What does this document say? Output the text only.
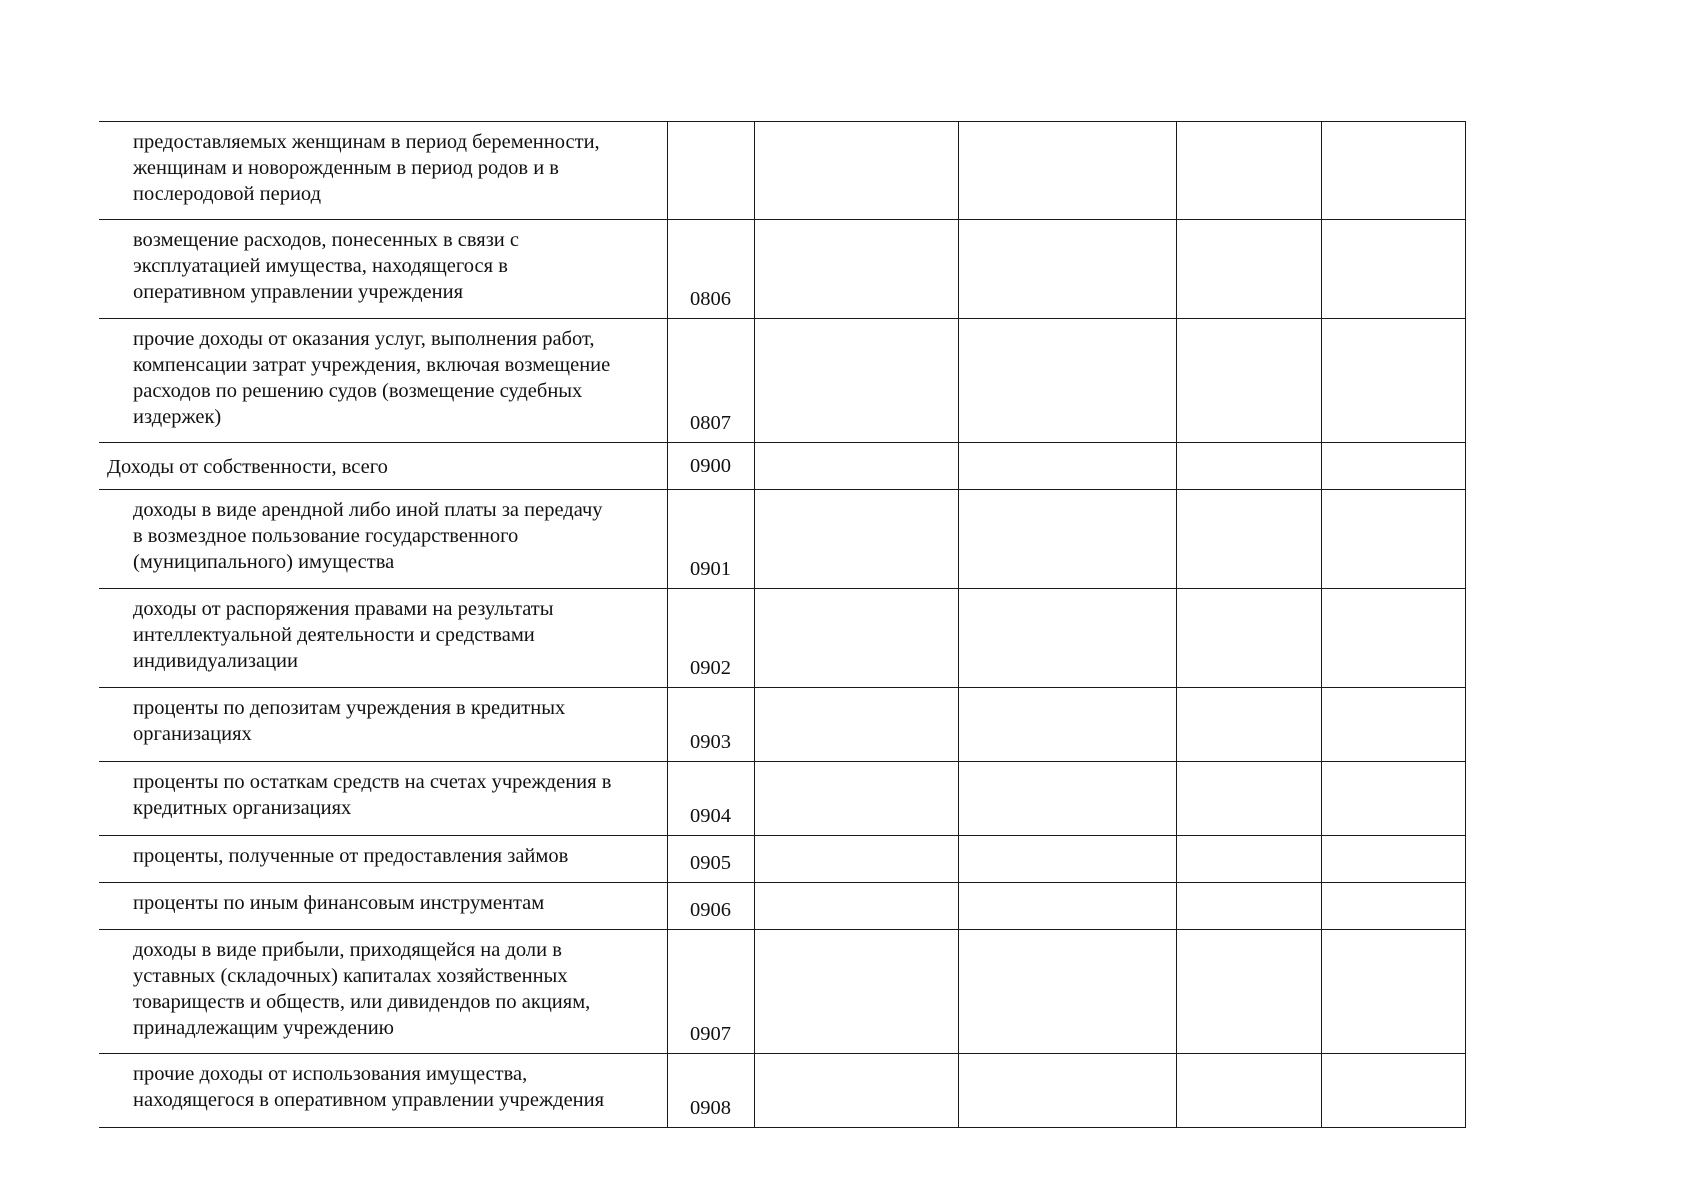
предоставляемых женщинам в период беременности,
женщинам и новорожденным в период родов и в
послеродовой период					

возмещение расходов, понесенных в связи с
эксплуатацией имущества, находящегося в
оперативном управлении учреждения	0806				

прочие доходы от оказания услуг, выполнения работ,
компенсации затрат учреждения, включая возмещение
расходов по решению судов (возмещение судебных
издержек)	0807				

Доходы от собственности, всего	0900				

доходы в виде арендной либо иной платы за передачу
в возмездное пользование государственного
(муниципального) имущества	0901				

доходы от распоряжения правами на результаты
интеллектуальной деятельности и средствами
индивидуализации	0902				

проценты по депозитам учреждения в кредитных
организациях	0903				

проценты по остаткам средств на счетах учреждения в
кредитных организациях	0904				

проценты, полученные от предоставления займов	0905				

проценты по иным финансовым инструментам	0906				

доходы в виде прибыли, приходящейся на доли в
уставных (складочных) капиталах хозяйственных
товариществ и обществ, или дивидендов по акциям,
принадлежащим учреждению	0907				

прочие доходы от использования имущества,
находящегося в оперативном управлении учреждения	0908				
